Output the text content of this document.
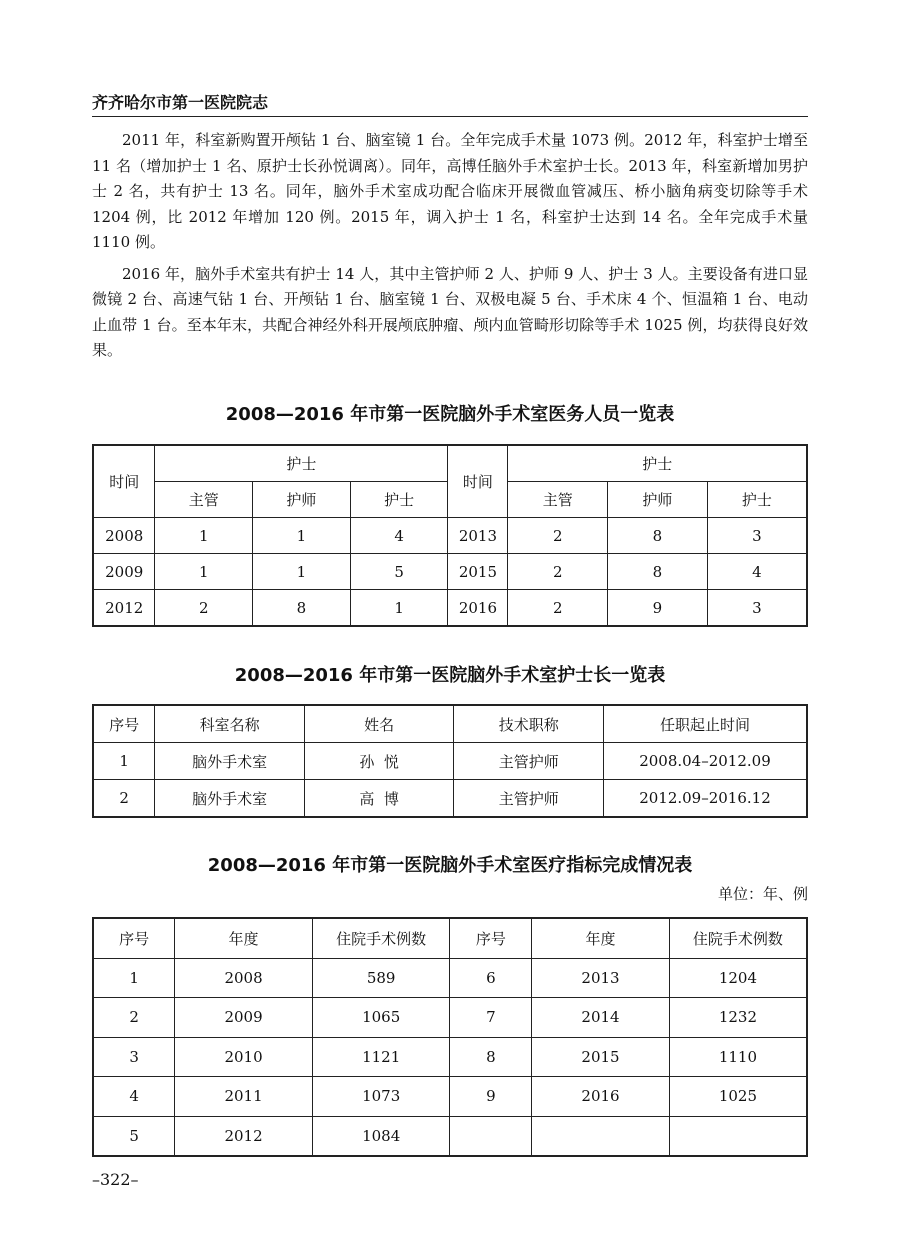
齐齐哈尔市第一医院院志

2011 年，科室新购置开颅钻 1 台、脑室镜 1 台。全年完成手术量 1073 例。2012 年，科室护士增至 11 名（增加护士 1 名、原护士长孙悦调离）。同年，高博任脑外手术室护士长。2013 年，科室新增加男护士 2 名，共有护士 13 名。同年，脑外手术室成功配合临床开展微血管减压、桥小脑角病变切除等手术 1204 例，比 2012 年增加 120 例。2015 年，调入护士 1 名，科室护士达到 14 名。全年完成手术量 1110 例。

2016 年，脑外手术室共有护士 14 人，其中主管护师 2 人、护师 9 人、护士 3 人。主要设备有进口显微镜 2 台、高速气钻 1 台、开颅钻 1 台、脑室镜 1 台、双极电凝 5 台、手术床 4 个、恒温箱 1 台、电动止血带 1 台。至本年末，共配合神经外科开展颅底肿瘤、颅内血管畸形切除等手术 1025 例，均获得良好效果。

2008—2016 年市第一医院脑外手术室医务人员一览表
时间	护士			时间	护士		
	主管	护师	护士		主管	护师	护士
2008	1	1	4	2013	2	8	3
2009	1	1	5	2015	2	8	4
2012	2	8	1	2016	2	9	3
2008—2016 年市第一医院脑外手术室护士长一览表
序号	科室名称	姓名	技术职称	任职起止时间
1	脑外手术室	孙  悦	主管护师	2008.04–2012.09
2	脑外手术室	高  博	主管护师	2012.09–2016.12
2008—2016 年市第一医院脑外手术室医疗指标完成情况表
单位：年、例
序号	年度	住院手术例数	序号	年度	住院手术例数
1	2008	589	6	2013	1204
2	2009	1065	7	2014	1232
3	2010	1121	8	2015	1110
4	2011	1073	9	2016	1025
5	2012	1084			
–322–
